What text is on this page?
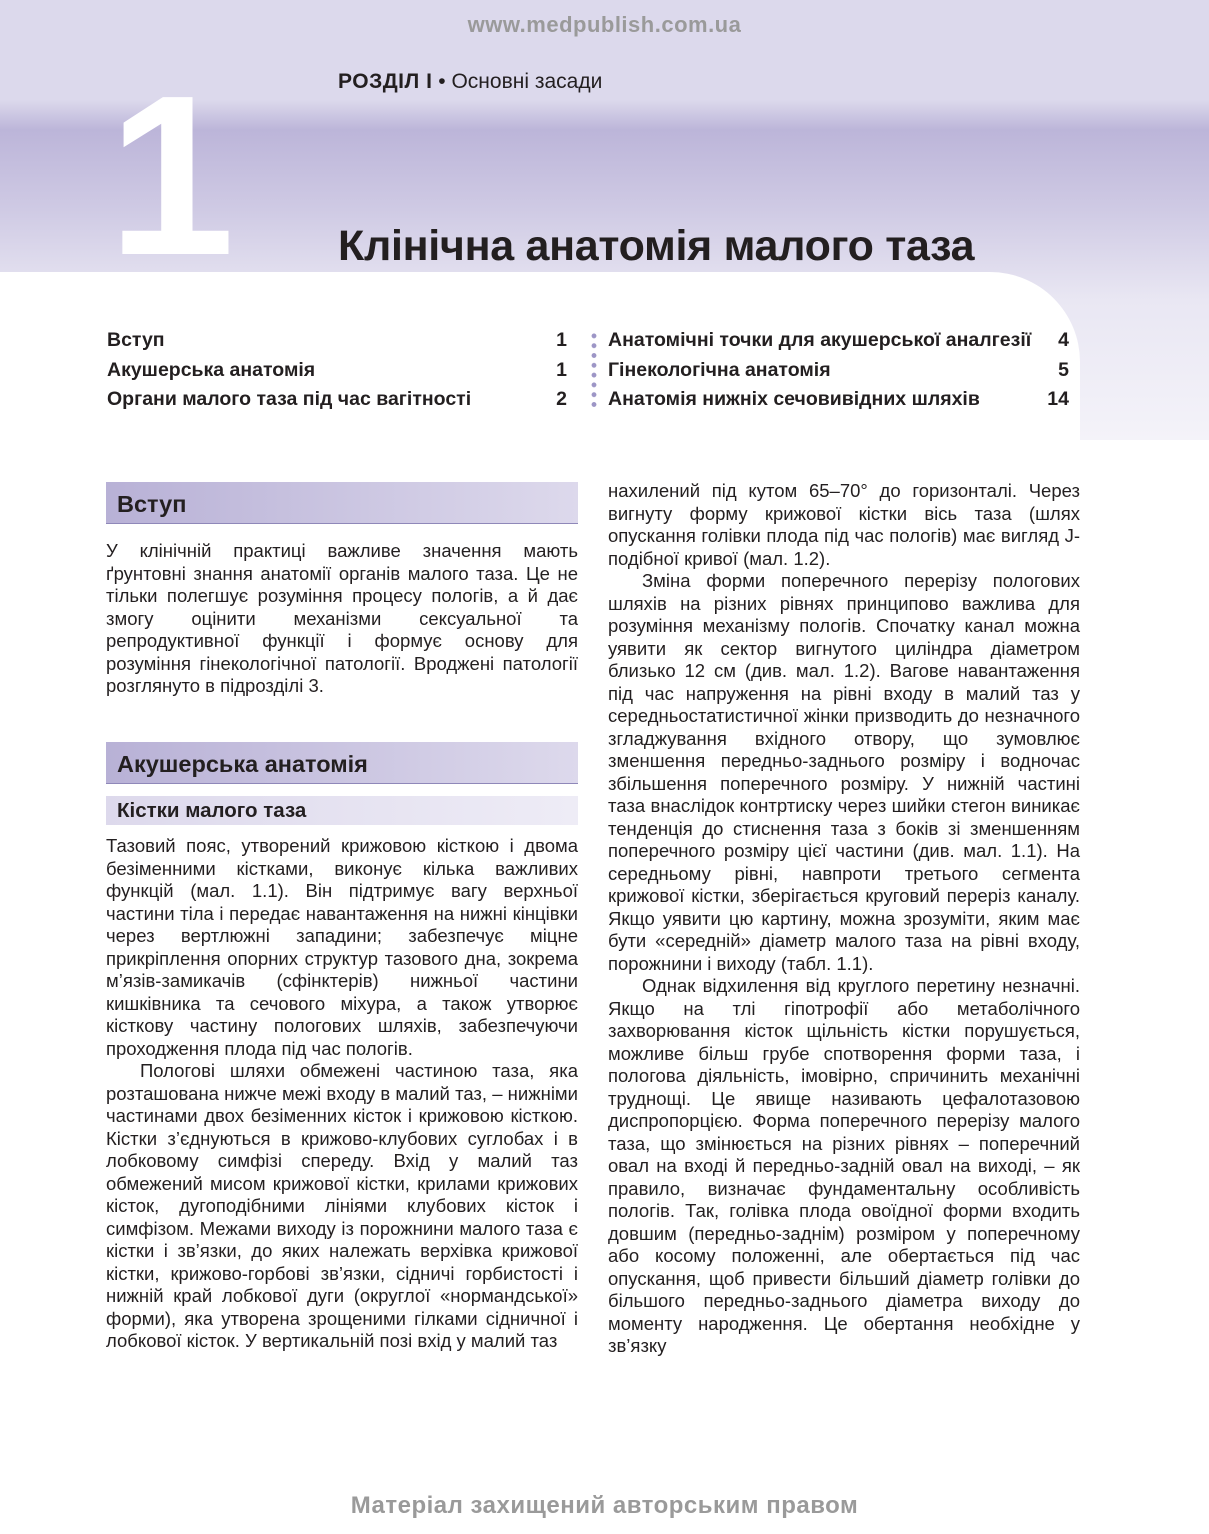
www.medpublish.com.ua
РОЗДІЛ І • Основні засади
1 Клінічна анатомія малого таза
Вступ	1
Акушерська анатомія	1
Органи малого таза під час вагітності	2
Анатомічні точки для акушерської аналгезії 4
Гінекологічна анатомія	5
Анатомія нижніх сечовивідних шляхів	14
Вступ

У клінічній практиці важливе значення мають ґрунтовні знання анатомії органів малого таза. Це не тільки полегшує розуміння процесу пологів, а й дає змогу оцінити механізми сексуальної та репродуктивної функції і формує основу для розуміння гінекологічної патології. Вроджені патології розглянуто в підрозділі 3.

Акушерська анатомія
Кістки малого таза

Тазовий пояс, утворений крижовою кісткою і двома безіменними кістками, виконує кілька важливих функцій (мал. 1.1). Він підтримує вагу верхньої частини тіла і передає навантаження на нижні кінцівки через вертлюжні западини; забезпечує міцне прикріплення опорних структур тазового дна, зокрема м’язів-замикачів (сфінктерів) нижньої частини кишківника та сечового міхура, а також утворює кісткову частину пологових шляхів, забезпечуючи проходження плода під час пологів.

Пологові шляхи обмежені частиною таза, яка розташована нижче межі входу в малий таз, – нижніми частинами двох безіменних кісток і крижовою кісткою. Кістки з’єднуються в крижово-клубових суглобах і в лобковому симфізі спереду. Вхід у малий таз обмежений мисом крижової кістки, крилами крижових кісток, дугоподібними лініями клубових кісток і симфізом. Межами виходу із порожнини малого таза є кістки і зв’язки, до яких належать верхівка крижової кістки, крижово-горбові зв’язки, сідничі горбистості і нижній край лобкової дуги (округлої «нормандської» форми), яка утворена зрощеними гілками сідничної і лобкової кісток. У вертикальній позі вхід у малий таз

нахилений під кутом 65–70° до горизонталі. Через вигнуту форму крижової кістки вісь таза (шлях опускання голівки плода під час пологів) має вигляд J-подібної кривої (мал. 1.2).

Зміна форми поперечного перерізу пологових шляхів на різних рівнях принципово важлива для розуміння механізму пологів. Спочатку канал можна уявити як сектор вигнутого циліндра діаметром близько 12 см (див. мал. 1.2). Вагове навантаження під час напруження на рівні входу в малий таз у середньостатистичної жінки призводить до незначного згладжування вхідного отвору, що зумовлює зменшення передньо-заднього розміру і водночас збільшення поперечного розміру. У нижній частині таза внаслідок контртиску через шийки стегон виникає тенденція до стиснення таза з боків зі зменшенням поперечного розміру цієї частини (див. мал. 1.1). На середньому рівні, навпроти третього сегмента крижової кістки, зберігається круговий переріз каналу. Якщо уявити цю картину, можна зрозуміти, яким має бути «середній» діаметр малого таза на рівні входу, порожнини і виходу (табл. 1.1).

Однак відхилення від круглого перетину незначні. Якщо на тлі гіпотрофії або метаболічного захворювання кісток щільність кістки порушується, можливе більш грубе спотворення форми таза, і пологова діяльність, імовірно, спричинить механічні труднощі. Це явище називають цефалотазовою диспропорцією. Форма поперечного перерізу малого таза, що змінюється на різних рівнях – поперечний овал на вході й передньо-задній овал на виході, – як правило, визначає фундаментальну особливість пологів. Так, голівка плода овоїдної форми входить довшим (передньо-заднім) розміром у поперечному або косому положенні, але обертається під час опускання, щоб привести більший діаметр голівки до більшого передньо-заднього діаметра виходу до моменту народження. Це обертання необхідне у зв’язку

Матеріал захищений авторським правом
